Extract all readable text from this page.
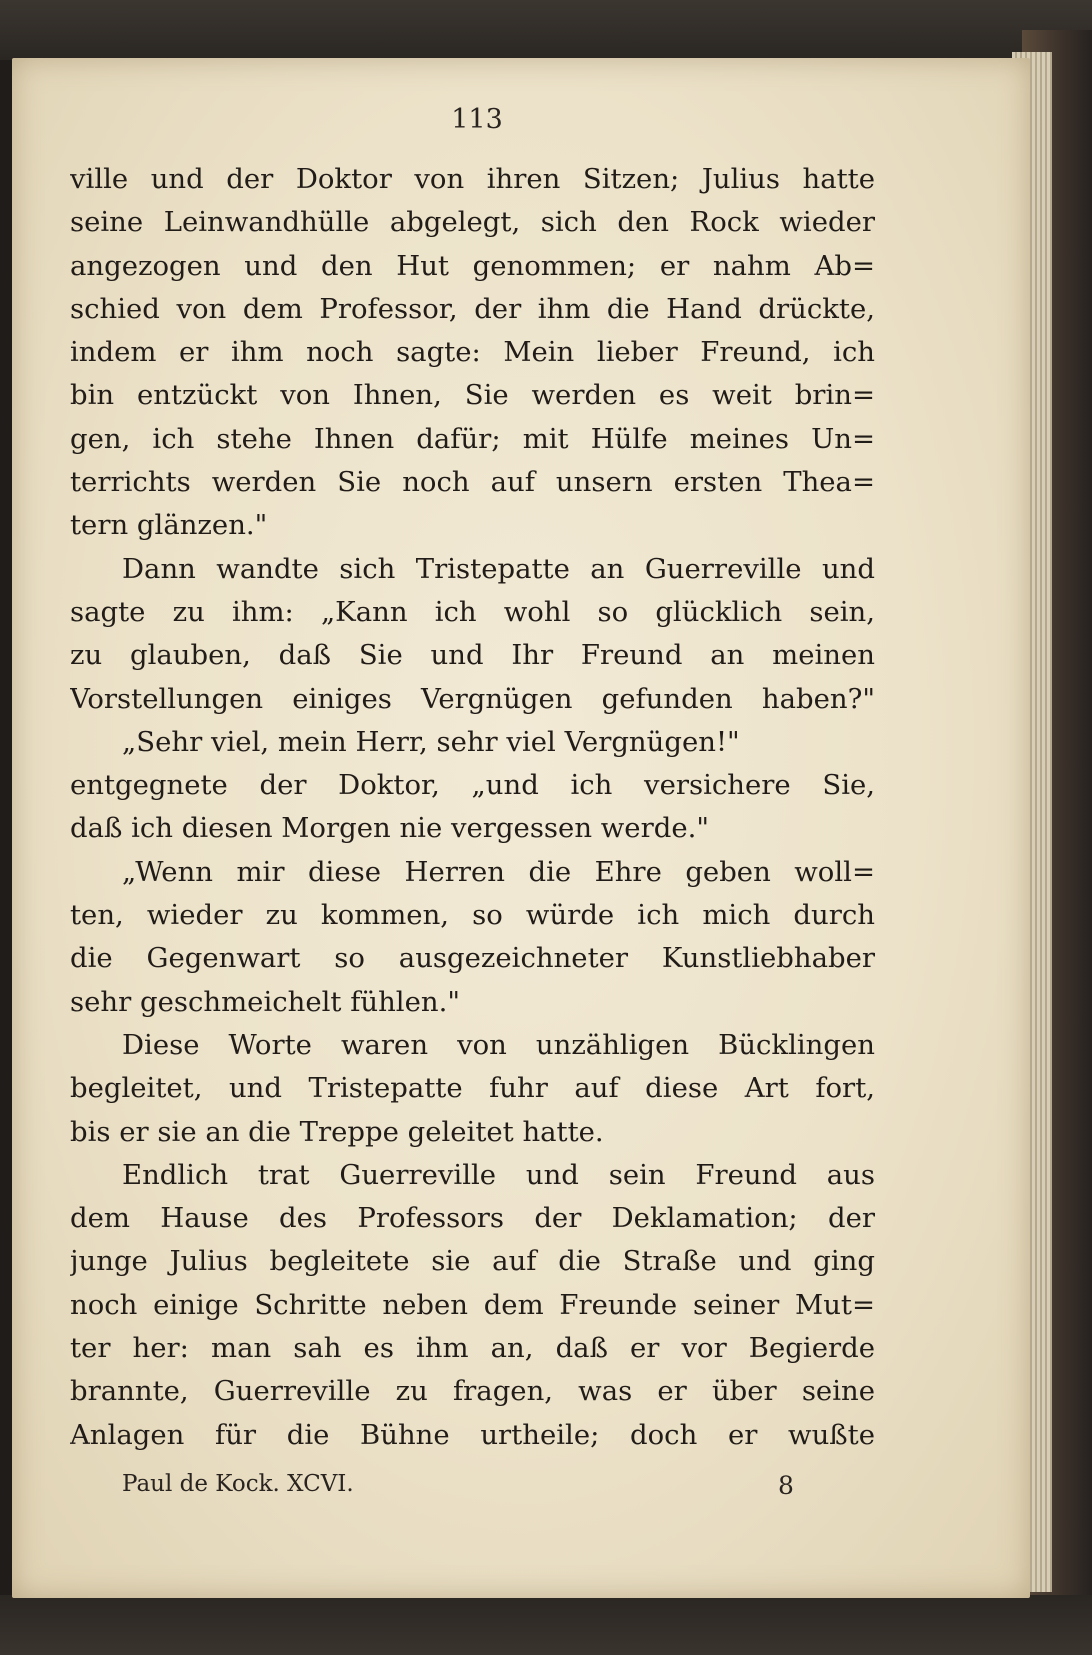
113
ville und der Doktor von ihren Sitzen; Julius hatte
seine Leinwandhülle abgelegt, sich den Rock wieder
angezogen und den Hut genommen; er nahm Ab=
schied von dem Professor, der ihm die Hand drückte,
indem er ihm noch sagte: Mein lieber Freund, ich
bin entzückt von Ihnen, Sie werden es weit brin=
gen, ich stehe Ihnen dafür; mit Hülfe meines Un=
terrichts werden Sie noch auf unsern ersten Thea=
tern glänzen."
Dann wandte sich Tristepatte an Guerreville und
sagte zu ihm: „Kann ich wohl so glücklich sein,
zu glauben, daß Sie und Ihr Freund an meinen
Vorstellungen einiges Vergnügen gefunden haben?"
„Sehr viel, mein Herr, sehr viel Vergnügen!"
entgegnete der Doktor, „und ich versichere Sie,
daß ich diesen Morgen nie vergessen werde."
„Wenn mir diese Herren die Ehre geben woll=
ten, wieder zu kommen, so würde ich mich durch
die Gegenwart so ausgezeichneter Kunstliebhaber
sehr geschmeichelt fühlen."
Diese Worte waren von unzähligen Bücklingen
begleitet, und Tristepatte fuhr auf diese Art fort,
bis er sie an die Treppe geleitet hatte.
Endlich trat Guerreville und sein Freund aus
dem Hause des Professors der Deklamation; der
junge Julius begleitete sie auf die Straße und ging
noch einige Schritte neben dem Freunde seiner Mut=
ter her: man sah es ihm an, daß er vor Begierde
brannte, Guerreville zu fragen, was er über seine
Anlagen für die Bühne urtheile; doch er wußte
Paul de Kock. XCVI.	8
